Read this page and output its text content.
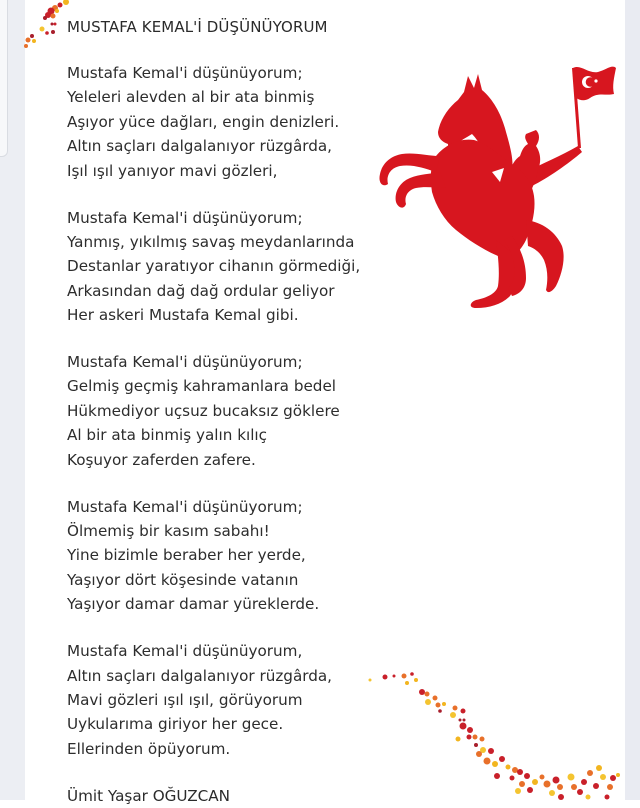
MUSTAFA KEMAL'İ DÜŞÜNÜYORUM
Mustafa Kemal'i düşünüyorum;
Yeleleri alevden al bir ata binmiş
Aşıyor yüce dağları, engin denizleri.
Altın saçları dalgalanıyor rüzgârda,
Işıl ışıl yanıyor mavi gözleri,
Mustafa Kemal'i düşünüyorum;
Yanmış, yıkılmış savaş meydanlarında
Destanlar yaratıyor cihanın görmediği,
Arkasından dağ dağ ordular geliyor
Her askeri Mustafa Kemal gibi.
Mustafa Kemal'i düşünüyorum;
Gelmiş geçmiş kahramanlara bedel
Hükmediyor uçsuz bucaksız göklere
Al bir ata binmiş yalın kılıç
Koşuyor zaferden zafere.
Mustafa Kemal'i düşünüyorum;
Ölmemiş bir kasım sabahı!
Yine bizimle beraber her yerde,
Yaşıyor dört köşesinde vatanın
Yaşıyor damar damar yüreklerde.
Mustafa Kemal'i düşünüyorum,
Altın saçları dalgalanıyor rüzgârda,
Mavi gözleri ışıl ışıl, görüyorum
Uykularıma giriyor her gece.
Ellerinden öpüyorum.
Ümit Yaşar OĞUZCAN
